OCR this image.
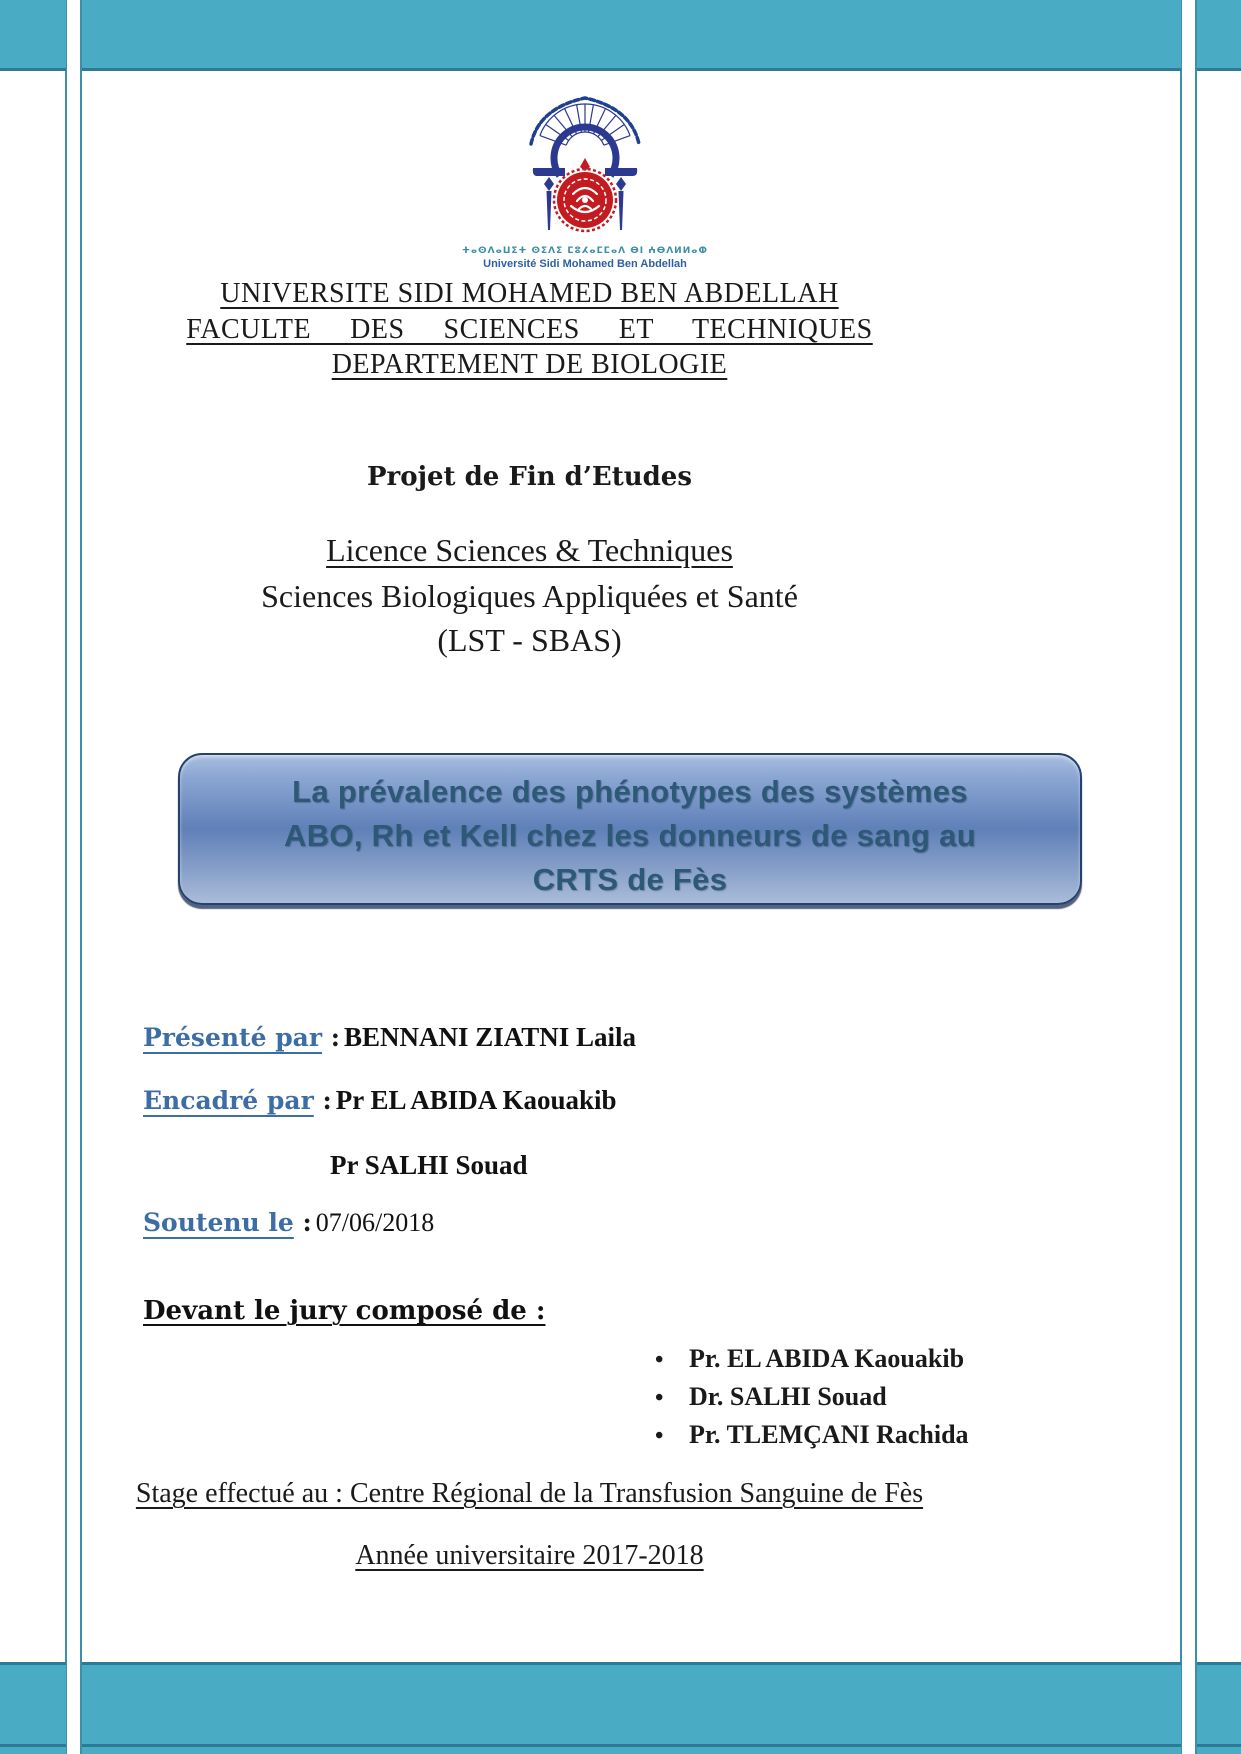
ⵜⴰⵙⴷⴰⵡⵉⵜ ⵙⵉⴷⵉ ⵎⵓⵃⴰⵎⵎⴰⴷ ⴱⵏ ⵄⴱⴷⵍⵍⴰⵀ
Université Sidi Mohamed Ben Abdellah
UNIVERSITE SIDI MOHAMED BEN ABDELLAH
FACULTE  DES  SCIENCES  ET  TECHNIQUES
DEPARTEMENT DE BIOLOGIE
Projet de Fin d’Etudes
Licence Sciences & Techniques
Sciences Biologiques Appliquées et Santé
(LST - SBAS)
La prévalence des phénotypes des systèmes
ABO, Rh et Kell chez les donneurs de sang au
CRTS de Fès
Présenté par : BENNANI ZIATNI Laila
Encadré par : Pr EL ABIDA Kaouakib
Pr SALHI Souad
Soutenu le : 07/06/2018
Devant le jury composé de :
• Pr. EL ABIDA Kaouakib
• Dr. SALHI Souad
• Pr. TLEMÇANI Rachida
Stage effectué au : Centre Régional de la Transfusion Sanguine de Fès
Année universitaire 2017-2018
